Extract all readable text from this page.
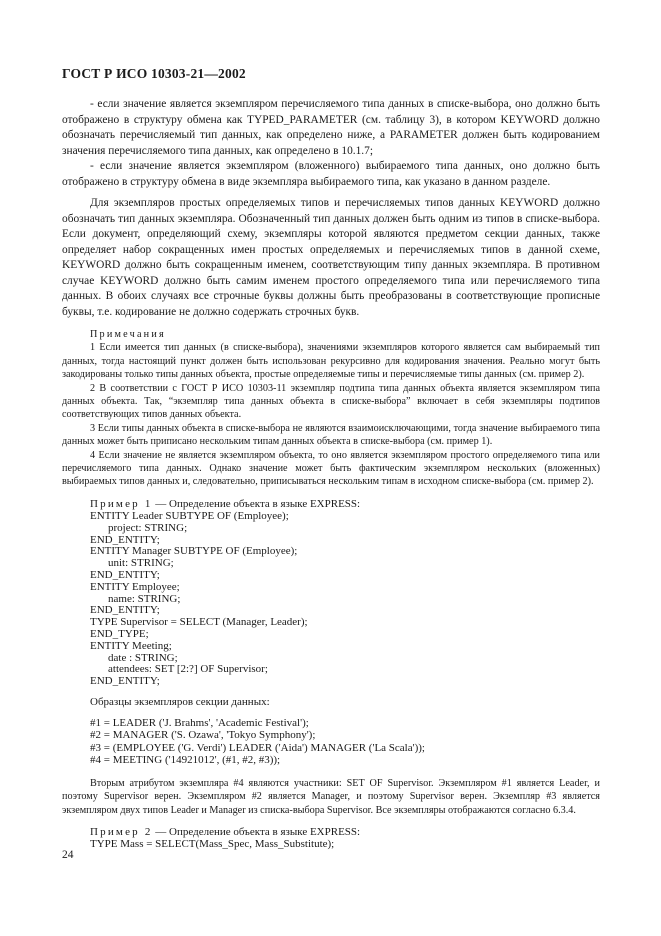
ГОСТ Р ИСО 10303-21—2002

- если значение является экземпляром перечисляемого типа данных в списке-выбора, оно должно быть отображено в структуру обмена как TYPED_PARAMETER (см. таблицу 3), в котором KEYWORD должно обозначать перечисляемый тип данных, как определено ниже, а PARAMETER должен быть кодированием значения перечисляемого типа данных, как определено в 10.1.7;

- если значение является экземпляром (вложенного) выбираемого типа данных, оно должно быть отображено в структуру обмена в виде экземпляра выбираемого типа, как указано в данном разделе.

Для экземпляров простых определяемых типов и перечисляемых типов данных KEYWORD должно обозначать тип данных экземпляра. Обозначенный тип данных должен быть одним из типов в списке-выбора. Если документ, определяющий схему, экземпляры которой являются предметом секции данных, также определяет набор сокращенных имен простых определяемых и перечисляемых типов в данной схеме, KEYWORD должно быть сокращенным именем, соответствующим типу данных экземпляра. В противном случае KEYWORD должно быть самим именем простого определяемого типа или перечисляемого типа данных. В обоих случаях все строчные буквы должны быть преобразованы в соответствующие прописные буквы, т.е. кодирование не должно содержать строчных букв.

Примечания

1 Если имеется тип данных (в списке-выбора), значениями экземпляров которого является сам выбираемый тип данных, тогда настоящий пункт должен быть использован рекурсивно для кодирования значения. Реально могут быть закодированы только типы данных объекта, простые определяемые типы и перечисляемые типы данных (см. пример 2).

2 В соответствии с ГОСТ Р ИСО 10303-11 экземпляр подтипа типа данных объекта является экземпляром типа данных объекта. Так, “экземпляр типа данных объекта в списке-выбора” включает в себя экземпляры подтипов соответствующих типов данных объекта.

3 Если типы данных объекта в списке-выбора не являются взаимоисключающими, тогда значение выбираемого типа данных может быть приписано нескольким типам данных объекта в списке-выбора (см. пример 1).

4 Если значение не является экземпляром объекта, то оно является экземпляром простого определяемого типа или перечисляемого типа данных. Однако значение может быть фактическим экземпляром нескольких (вложенных) выбираемых типов данных и, следовательно, приписываться нескольким типам в исходном списке-выбора (см. пример 2).

Пример 1 — Определение объекта в языке EXPRESS:

ENTITY Leader SUBTYPE OF (Employee);
project: STRING;
END_ENTITY;
ENTITY Manager SUBTYPE OF (Employee);
unit: STRING;
END_ENTITY;
ENTITY Employee;
name: STRING;
END_ENTITY;
TYPE Supervisor = SELECT (Manager, Leader);
END_TYPE;
ENTITY Meeting;
date : STRING;
attendees: SET [2:?] OF Supervisor;
END_ENTITY;

Образцы экземпляров секции данных:

#1 = LEADER ('J. Brahms', 'Academic Festival');
#2 = MANAGER ('S. Ozawa', 'Tokyo Symphony');
#3 = (EMPLOYEE ('G. Verdi') LEADER ('Aida') MANAGER ('La Scala'));
#4 = MEETING ('14921012', (#1, #2, #3));

Вторым атрибутом экземпляра #4 являются участники: SET OF Supervisor. Экземпляром #1 является Leader, и поэтому Supervisor верен. Экземпляром #2 является Manager, и поэтому Supervisor верен. Экземпляр #3 является экземпляром двух типов Leader и Manager из списка-выбора Supervisor. Все экземпляры отображаются согласно 6.3.4.

Пример 2 — Определение объекта в языке EXPRESS:

TYPE Mass = SELECT(Mass_Spec, Mass_Substitute);
24
